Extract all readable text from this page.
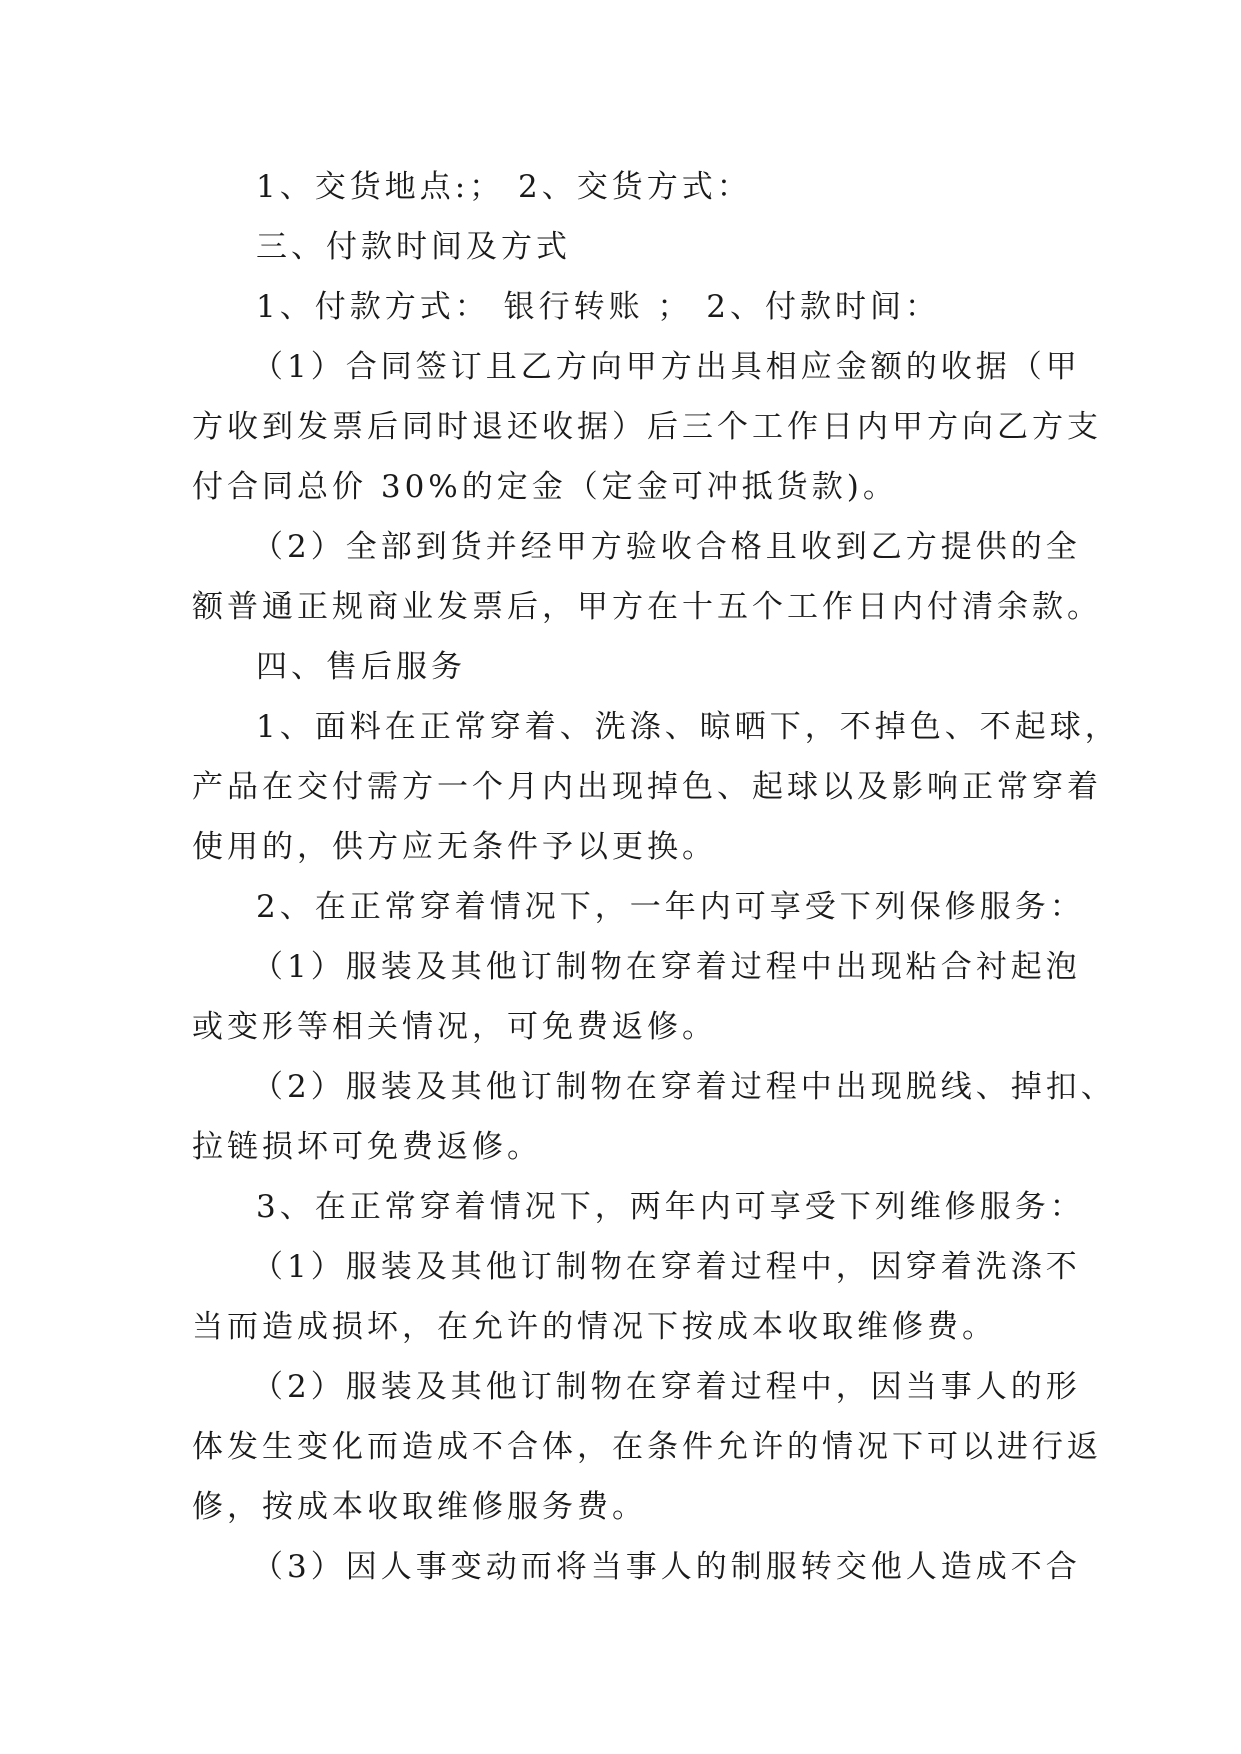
1、交货地点:； 2、交货方式：

三、付款时间及方式

1、付款方式： 银行转账 ； 2、付款时间：

（1）合同签订且乙方向甲方出具相应金额的收据（甲

方收到发票后同时退还收据）后三个工作日内甲方向乙方支

付合同总价 30%的定金（定金可冲抵货款)。

（2）全部到货并经甲方验收合格且收到乙方提供的全

额普通正规商业发票后，甲方在十五个工作日内付清余款。

四、售后服务

1、面料在正常穿着、洗涤、晾晒下，不掉色、不起球，

产品在交付需方一个月内出现掉色、起球以及影响正常穿着

使用的，供方应无条件予以更换。

2、在正常穿着情况下，一年内可享受下列保修服务：

（1）服装及其他订制物在穿着过程中出现粘合衬起泡

或变形等相关情况，可免费返修。

（2）服装及其他订制物在穿着过程中出现脱线、掉扣、

拉链损坏可免费返修。

3、在正常穿着情况下，两年内可享受下列维修服务：

（1）服装及其他订制物在穿着过程中，因穿着洗涤不

当而造成损坏，在允许的情况下按成本收取维修费。

（2）服装及其他订制物在穿着过程中，因当事人的形

体发生变化而造成不合体，在条件允许的情况下可以进行返

修，按成本收取维修服务费。

（3）因人事变动而将当事人的制服转交他人造成不合
